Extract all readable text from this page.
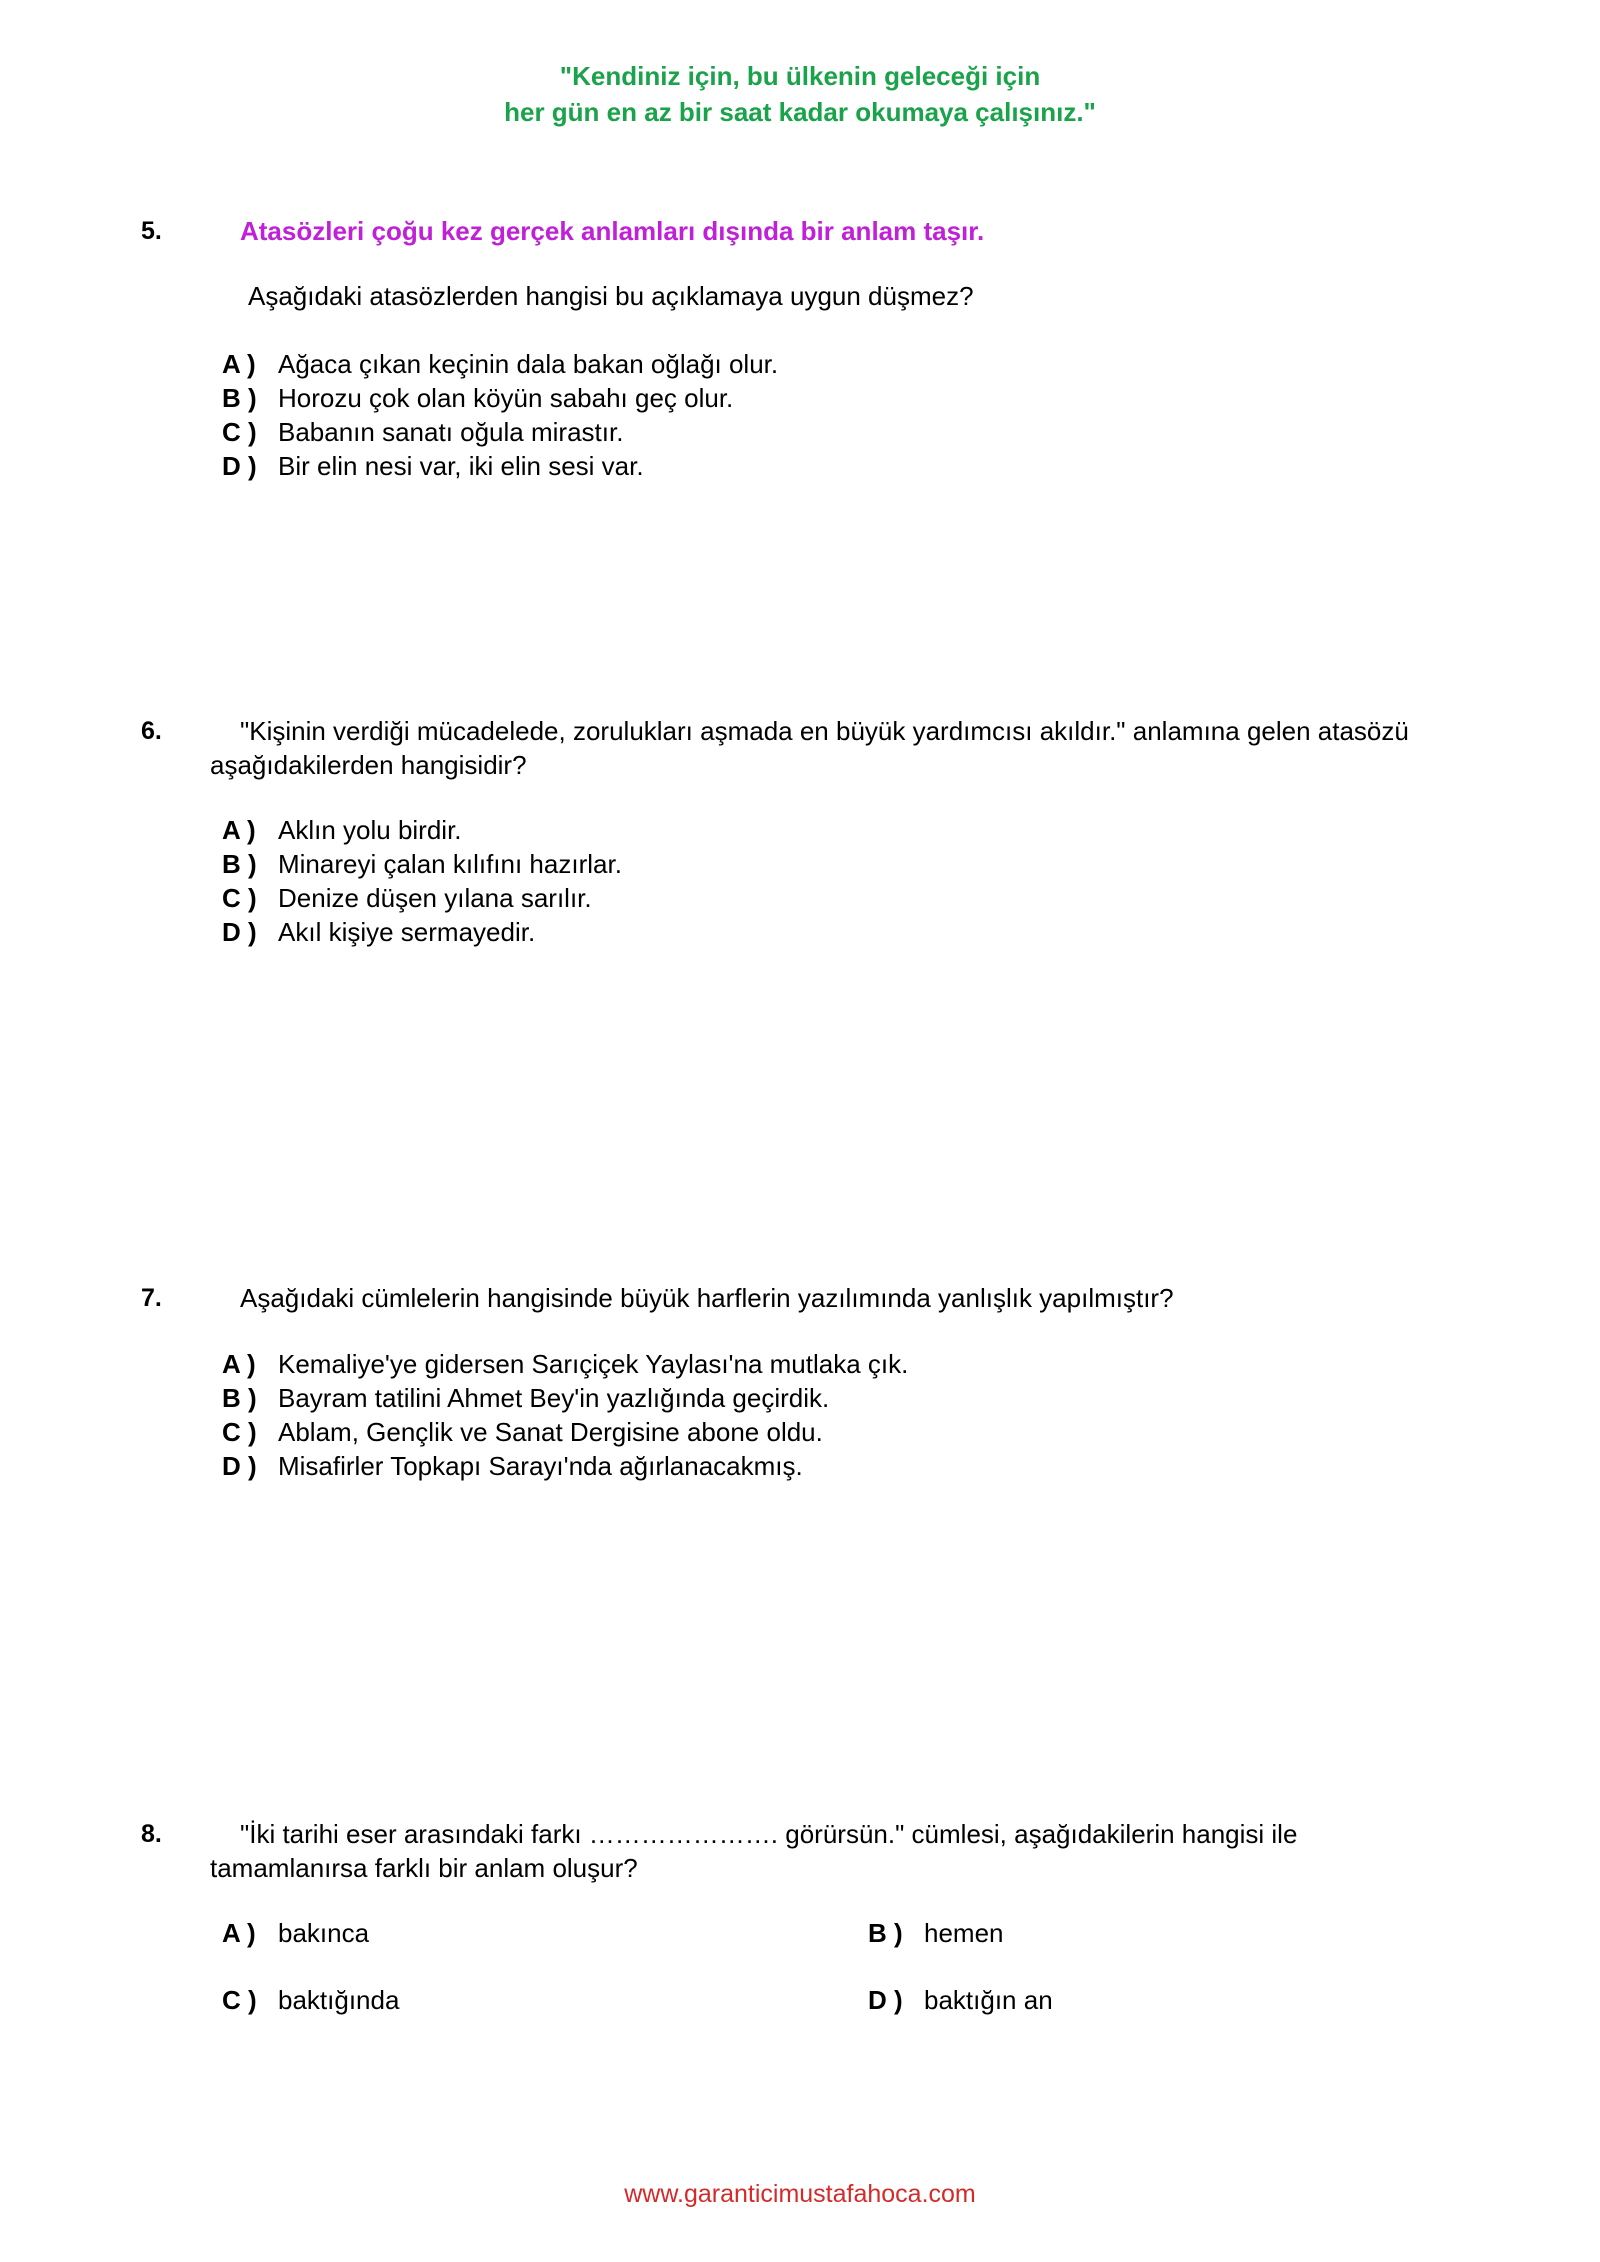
"Kendiniz için, bu ülkenin geleceği için
her gün en az bir saat kadar okumaya çalışınız."
5.	Atasözleri çoğu kez gerçek anlamları dışında bir anlam taşır.
Aşağıdaki atasözlerden hangisi bu açıklamaya uygun düşmez?
A ) Ağaca çıkan keçinin dala bakan oğlağı olur.
B ) Horozu çok olan köyün sabahı geç olur.
C ) Babanın sanatı oğula mirastır.
D ) Bir elin nesi var, iki elin sesi var.
6.	"Kişinin verdiği mücadelede, zorulukları aşmada en büyük yardımcısı akıldır." anlamına gelen atasözü aşağıdakilerden hangisidir?
A ) Aklın yolu birdir.
B ) Minareyi çalan kılıfını hazırlar.
C ) Denize düşen yılana sarılır.
D ) Akıl kişiye sermayedir.
7.	Aşağıdaki cümlelerin hangisinde büyük harflerin yazılımında yanlışlık yapılmıştır?
A ) Kemaliye'ye gidersen Sarıçiçek Yaylası'na mutlaka çık.
B ) Bayram tatilini Ahmet Bey'in yazlığında geçirdik.
C ) Ablam, Gençlik ve Sanat Dergisine abone oldu.
D ) Misafirler Topkapı Sarayı'nda ağırlanacakmış.
8.	"İki tarihi eser arasındaki farkı …………………. görürsün." cümlesi, aşağıdakilerin hangisi ile tamamlanırsa farklı bir anlam oluşur?
A ) bakınca	B ) hemen
C ) baktığında	D ) baktığın an
www.garanticimustafahoca.com
